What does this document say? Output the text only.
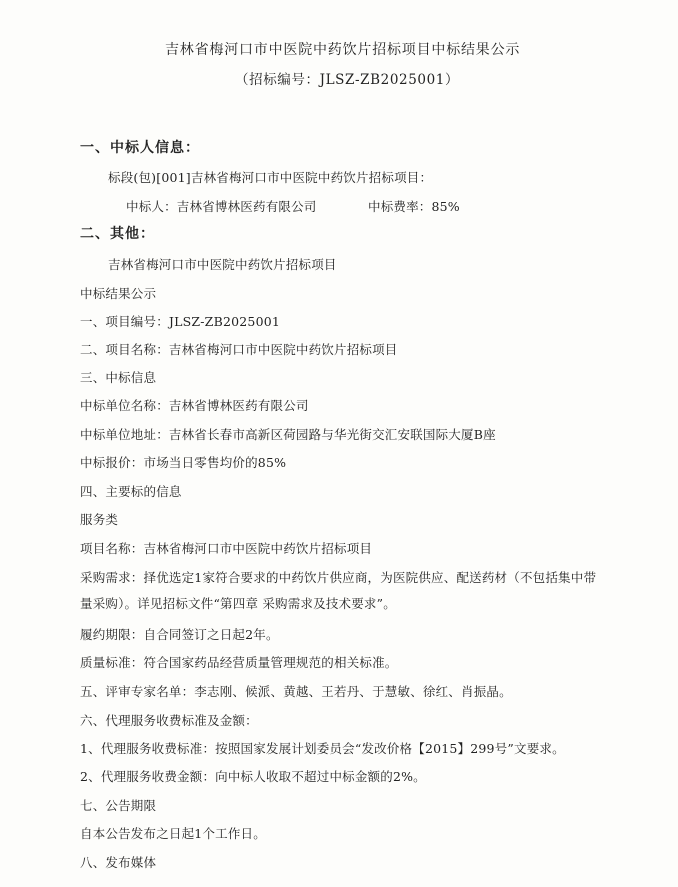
吉林省梅河口市中医院中药饮片招标项目中标结果公示

（招标编号：JLSZ-ZB2025001）

一、中标人信息：

标段(包)[001]吉林省梅河口市中医院中药饮片招标项目：

中标人：吉林省博林医药有限公司	中标费率：85%

二、其他：

吉林省梅河口市中医院中药饮片招标项目

中标结果公示

一、项目编号：JLSZ-ZB2025001

二、项目名称：吉林省梅河口市中医院中药饮片招标项目

三、中标信息

中标单位名称：吉林省博林医药有限公司

中标单位地址：吉林省长春市高新区荷园路与华光街交汇安联国际大厦B座

中标报价：市场当日零售均价的85%

四、主要标的信息

服务类

项目名称：吉林省梅河口市中医院中药饮片招标项目

采购需求：择优选定1家符合要求的中药饮片供应商，为医院供应、配送药材（不包括集中带量采购）。详见招标文件“第四章 采购需求及技术要求”。

履约期限：自合同签订之日起2年。

质量标准：符合国家药品经营质量管理规范的相关标准。

五、评审专家名单：李志刚、候派、黄越、王若丹、于慧敏、徐红、肖振晶。

六、代理服务收费标准及金额：

1、代理服务收费标准：按照国家发展计划委员会“发改价格【2015】299号”文要求。

2、代理服务收费金额：向中标人收取不超过中标金额的2%。

七、公告期限

自本公告发布之日起1个工作日。

八、发布媒体
